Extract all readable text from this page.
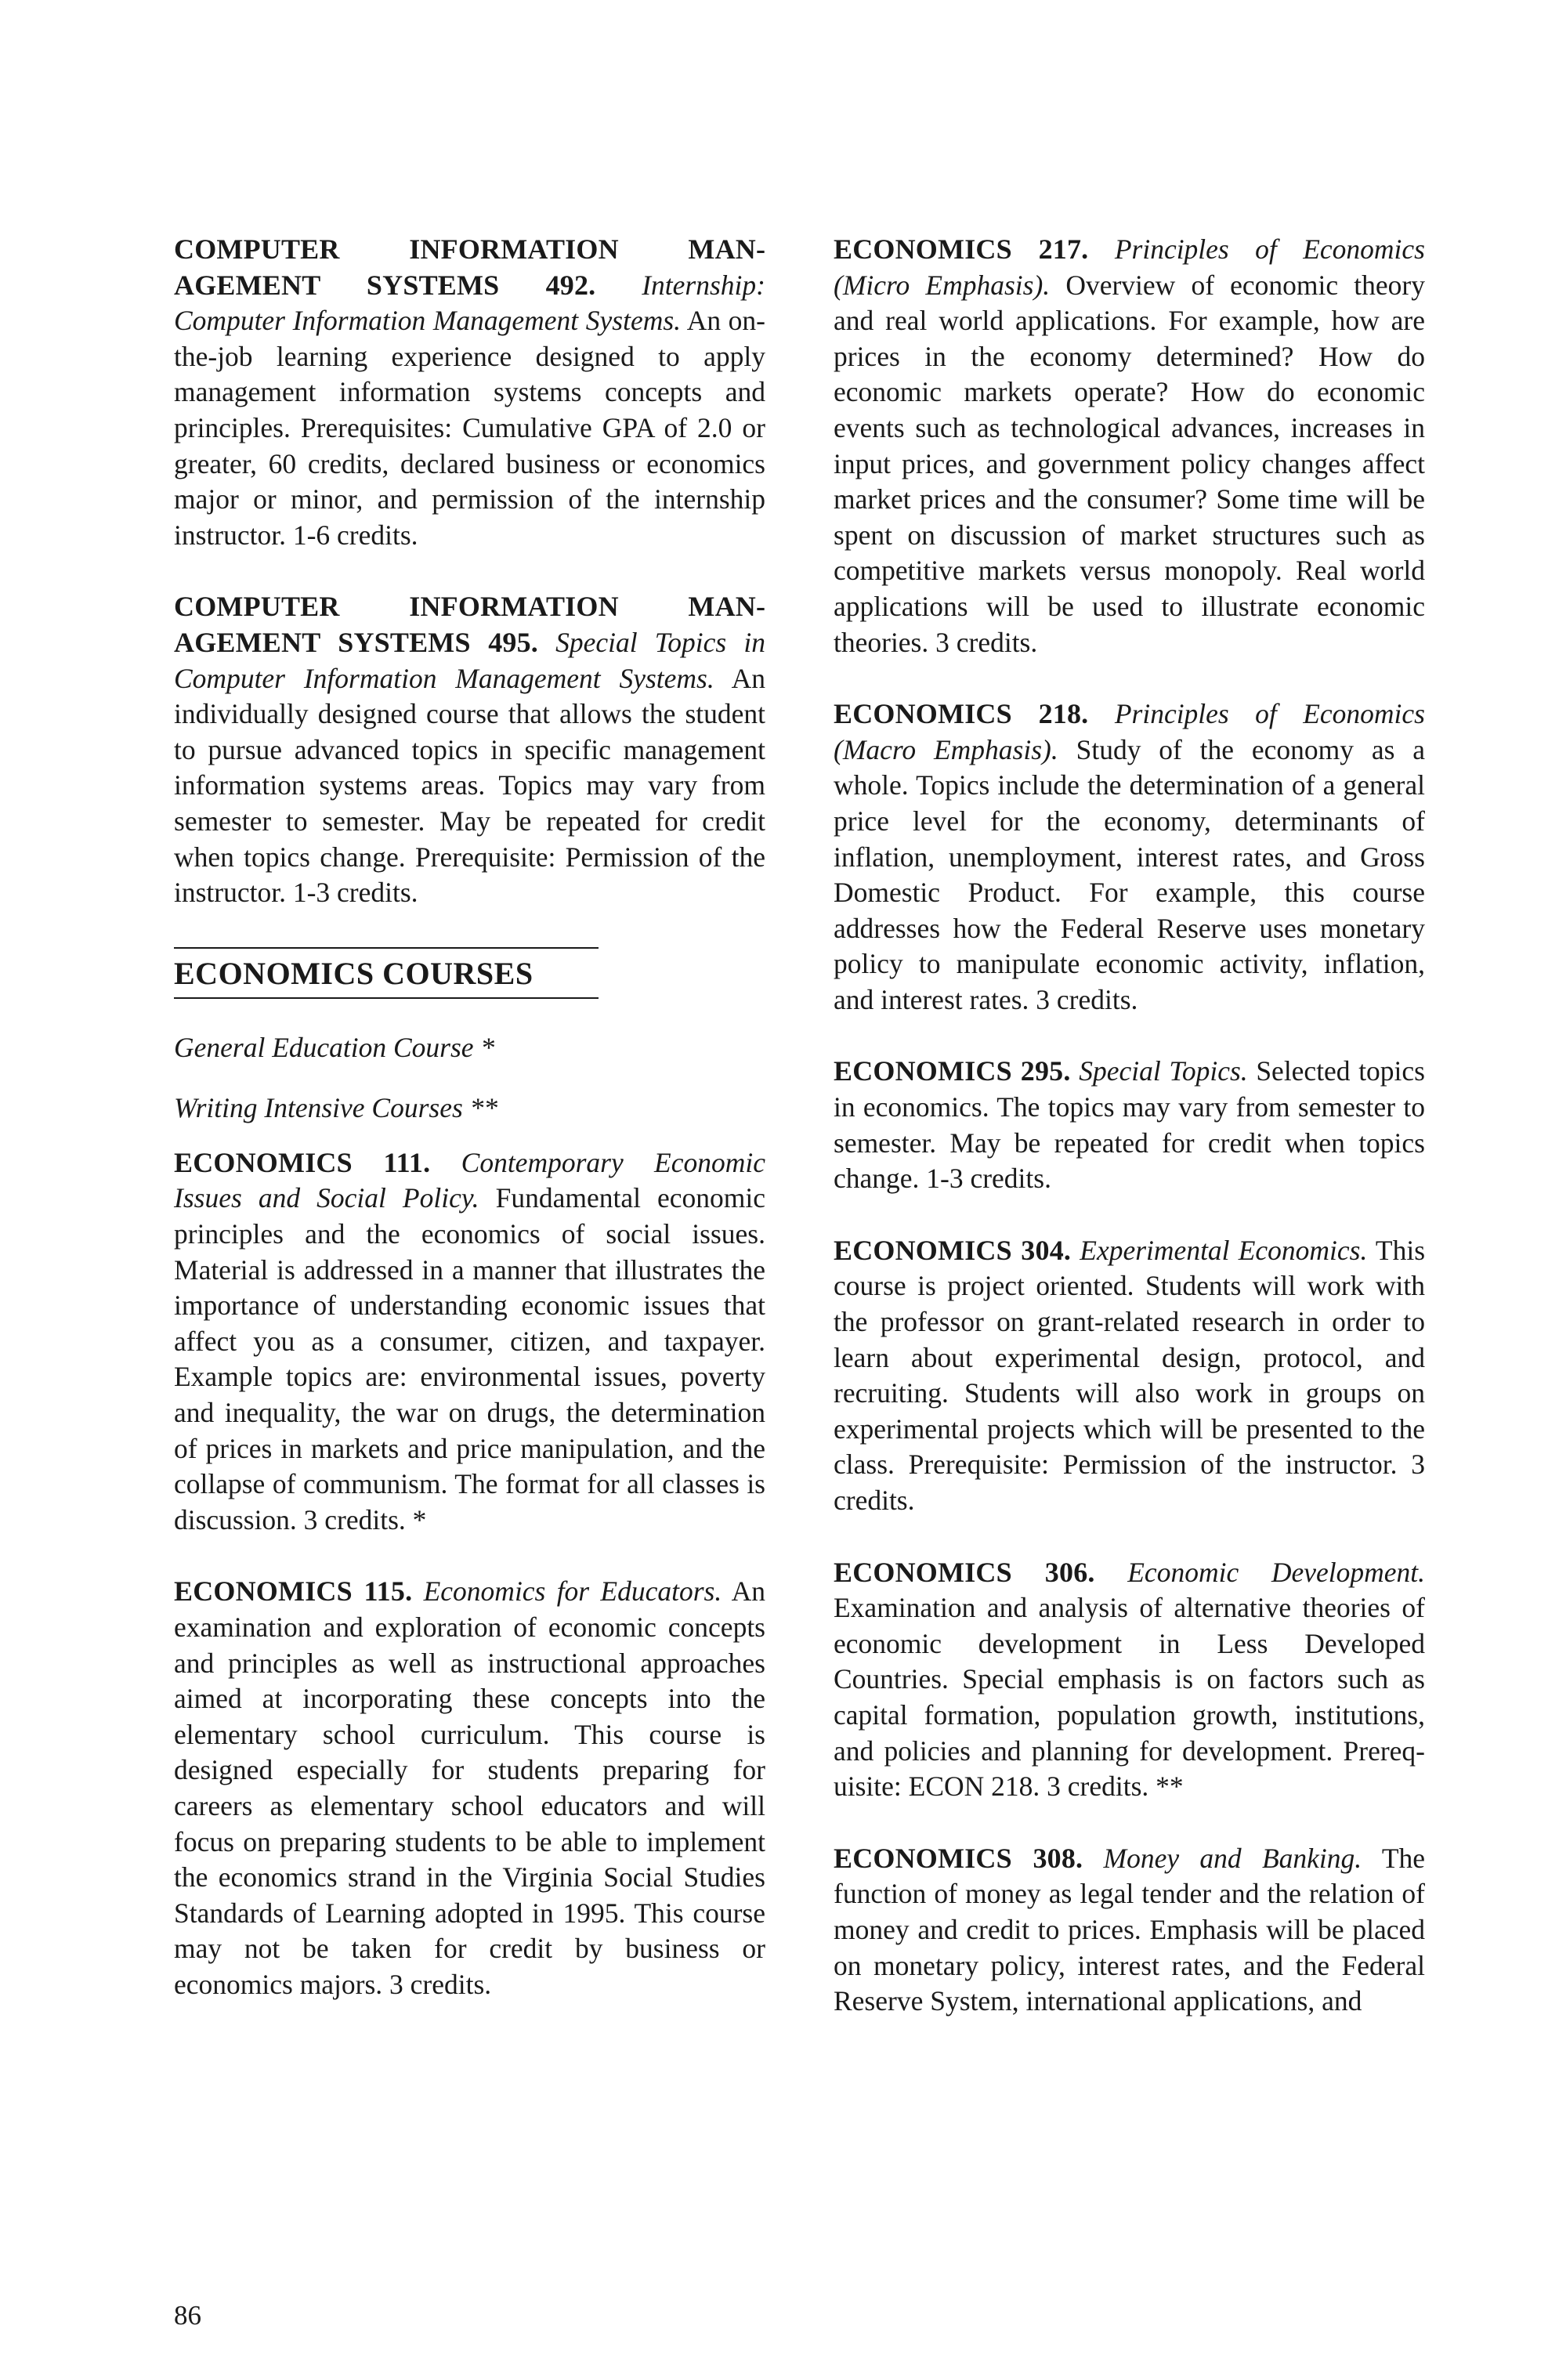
COMPUTER INFORMATION MANAGEMENT SYSTEMS 492. Internship: Computer Information Management Systems. An on-the-job learning experience designed to apply management information systems concepts and principles. Prerequisites: Cumulative GPA of 2.0 or greater, 60 credits, declared business or economics major or minor, and permission of the internship instructor. 1-6 credits.

COMPUTER INFORMATION MANAGEMENT SYSTEMS 495. Special Topics in Computer Information Management Systems. An individually designed course that allows the student to pursue advanced topics in specific management information systems areas. Topics may vary from semester to semester. May be repeated for credit when topics change. Prerequisite: Permission of the instructor. 1-3 credits.

ECONOMICS COURSES

General Education Course *

Writing Intensive Courses **

ECONOMICS 111. Contemporary Economic Issues and Social Policy. Fundamental economic principles and the economics of social issues. Material is addressed in a manner that illustrates the importance of understanding economic issues that affect you as a consumer, citizen, and taxpayer. Example topics are: environmental issues, poverty and inequality, the war on drugs, the determination of prices in markets and price manipulation, and the collapse of communism. The format for all classes is discussion. 3 credits. *

ECONOMICS 115. Economics for Educators. An examination and exploration of economic concepts and principles as well as instructional approaches aimed at incorporating these concepts into the elementary school curriculum. This course is designed especially for students preparing for careers as elementary school educators and will focus on preparing students to be able to implement the economics strand in the Virginia Social Studies Standards of Learning adopted in 1995. This course may not be taken for credit by business or economics majors. 3 credits.

ECONOMICS 217. Principles of Economics (Micro Emphasis). Overview of economic theory and real world applications. For example, how are prices in the economy determined? How do economic markets operate? How do economic events such as technological advances, increases in input prices, and government policy changes affect market prices and the consumer? Some time will be spent on discussion of market structures such as competitive markets versus monopoly. Real world applications will be used to illustrate economic theories. 3 credits.

ECONOMICS 218. Principles of Economics (Macro Emphasis). Study of the economy as a whole. Topics include the determination of a general price level for the economy, determinants of inflation, unemployment, interest rates, and Gross Domestic Product. For example, this course addresses how the Federal Reserve uses monetary policy to manipulate economic activity, inflation, and interest rates. 3 credits.

ECONOMICS 295. Special Topics. Selected topics in economics. The topics may vary from semester to semester. May be repeated for credit when topics change. 1-3 credits.

ECONOMICS 304. Experimental Economics. This course is project oriented. Students will work with the professor on grant-related research in order to learn about experimental design, protocol, and recruiting. Students will also work in groups on experimental projects which will be presented to the class. Prerequisite: Permission of the instructor. 3 credits.

ECONOMICS 306. Economic Development. Examination and analysis of alternative theories of economic development in Less Developed Countries. Special emphasis is on factors such as capital formation, population growth, institutions, and policies and planning for development. Prerequisite: ECON 218. 3 credits. **

ECONOMICS 308. Money and Banking. The function of money as legal tender and the relation of money and credit to prices. Emphasis will be placed on monetary policy, interest rates, and the Federal Reserve System, international applications, and

86
